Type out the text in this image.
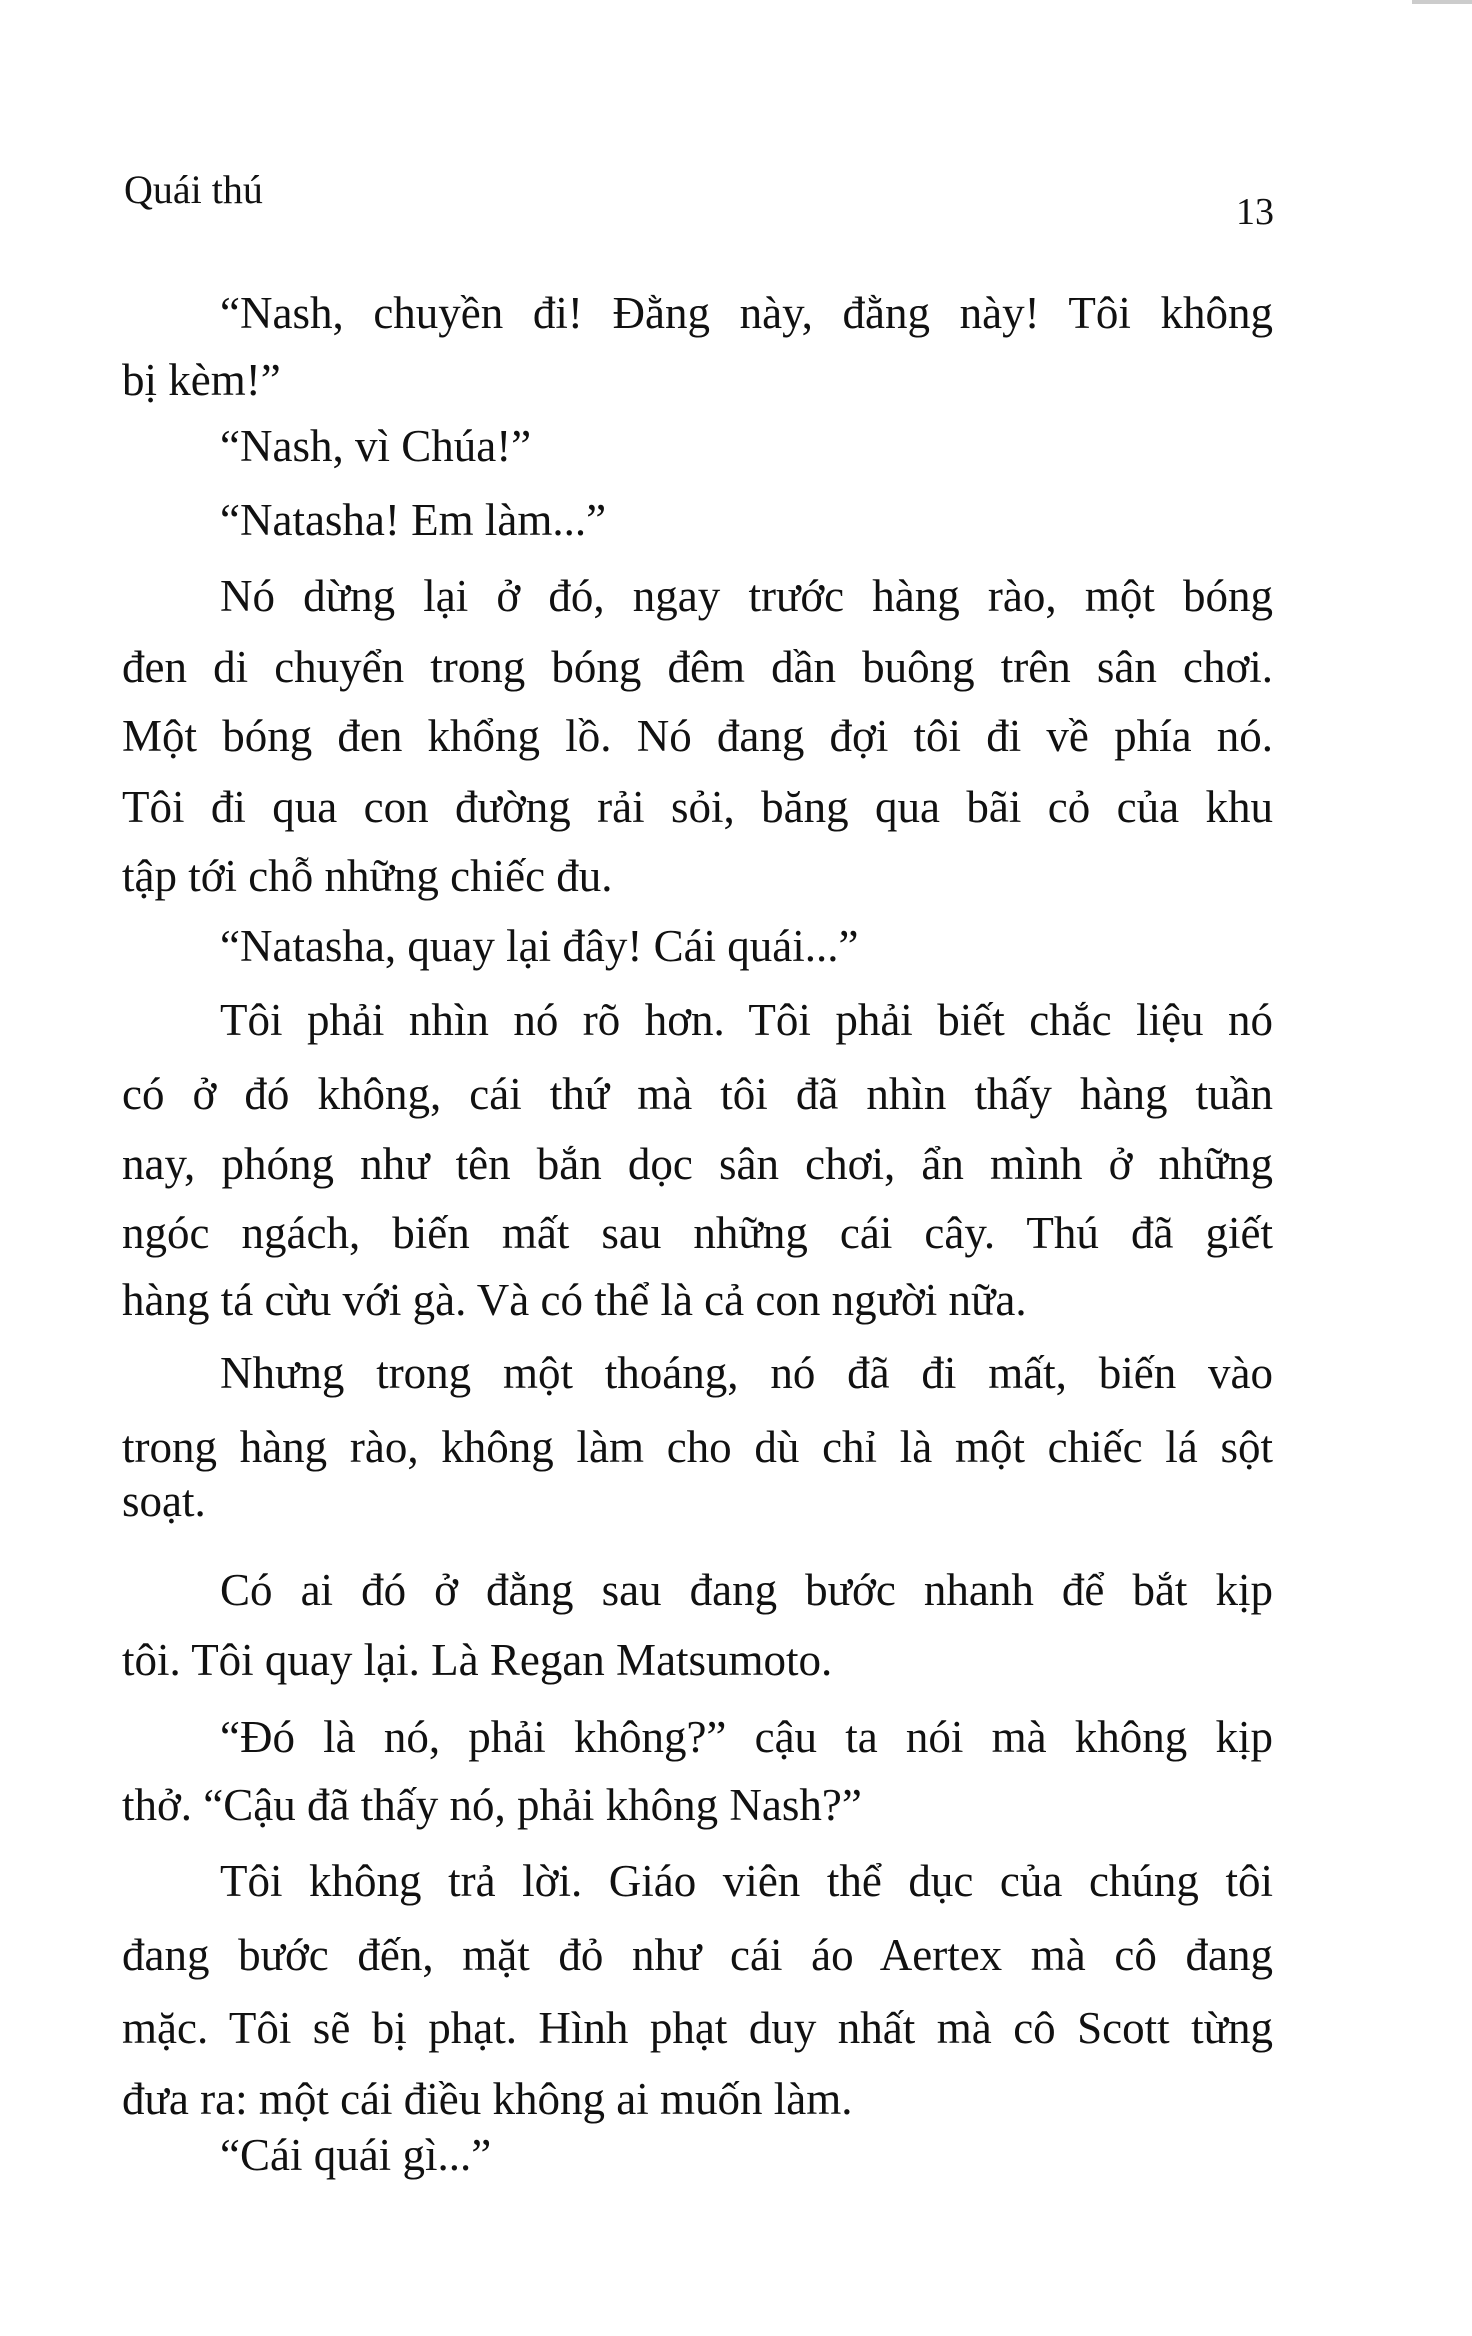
Quái thú	13
“Nash, chuyền đi! Đằng này, đằng này! Tôi không
bị kèm!”
“Nash, vì Chúa!”
“Natasha! Em làm...”
Nó dừng lại ở đó, ngay trước hàng rào, một bóng
đen di chuyển trong bóng đêm dần buông trên sân chơi.
Một bóng đen khổng lồ. Nó đang đợi tôi đi về phía nó.
Tôi đi qua con đường rải sỏi, băng qua bãi cỏ của khu
tập tới chỗ những chiếc đu.
“Natasha, quay lại đây! Cái quái...”
Tôi phải nhìn nó rõ hơn. Tôi phải biết chắc liệu nó
có ở đó không, cái thứ mà tôi đã nhìn thấy hàng tuần
nay, phóng như tên bắn dọc sân chơi, ẩn mình ở những
ngóc ngách, biến mất sau những cái cây. Thú đã giết
hàng tá cừu với gà. Và có thể là cả con người nữa.
Nhưng trong một thoáng, nó đã đi mất, biến vào
trong hàng rào, không làm cho dù chỉ là một chiếc lá sột
soạt.
Có ai đó ở đằng sau đang bước nhanh để bắt kịp
tôi. Tôi quay lại. Là Regan Matsumoto.
“Đó là nó, phải không?” cậu ta nói mà không kịp
thở. “Cậu đã thấy nó, phải không Nash?”
Tôi không trả lời. Giáo viên thể dục của chúng tôi
đang bước đến, mặt đỏ như cái áo Aertex mà cô đang
mặc. Tôi sẽ bị phạt. Hình phạt duy nhất mà cô Scott từng
đưa ra: một cái điều không ai muốn làm.
“Cái quái gì...”
